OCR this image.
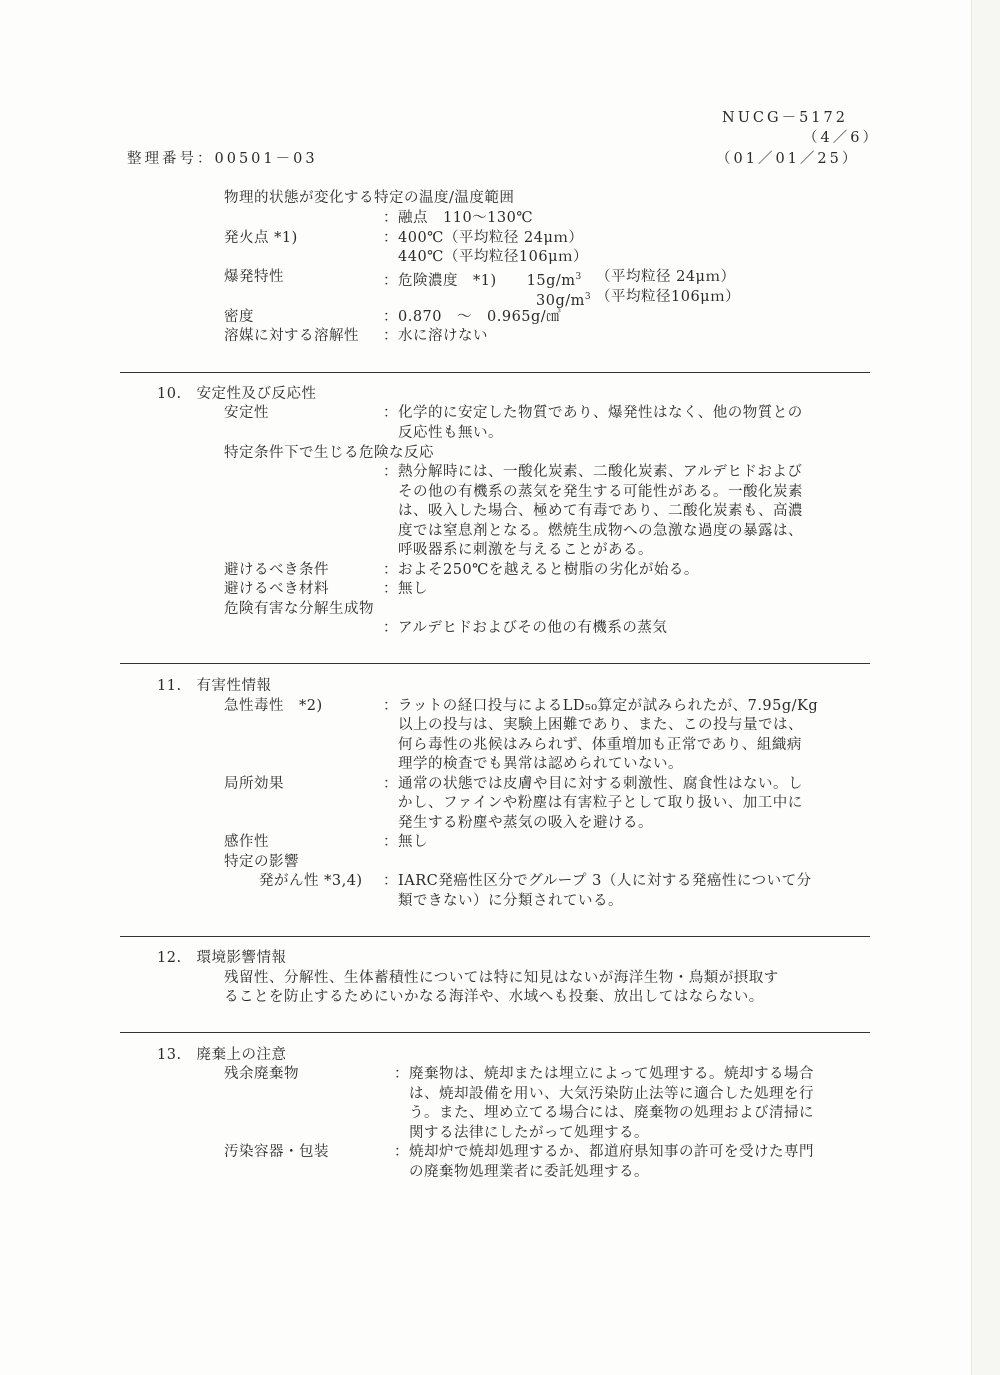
NUCG－5172
（4／6）
（01／01／25）
整理番号：00501－03
物理的状態が変化する特定の温度/温度範囲
：融点　110～130℃
発火点 *1)	：400℃（平均粒径 24μｍ）
440℃（平均粒径106μｍ）
爆発特性	：危険濃度　*1)　　$15g/m^3$ （平均粒径 24μｍ）
$30g/m^3$ （平均粒径106μｍ）
密度	：0.870　～　0.965g/㎤
溶媒に対する溶解性 ：水に溶けない
10.　安定性及び反応性
安定性	：化学的に安定した物質であり、爆発性はなく、他の物質との
反応性も無い。
特定条件下で生じる危険な反応
：熱分解時には、一酸化炭素、二酸化炭素、アルデヒドおよび
その他の有機系の蒸気を発生する可能性がある。一酸化炭素
は、吸入した場合、極めて有毒であり、二酸化炭素も、高濃
度では窒息剤となる。燃焼生成物への急激な過度の暴露は、
呼吸器系に刺激を与えることがある。
避けるべき条件	：およそ250℃を越えると樹脂の劣化が始る。
避けるべき材料	：無し
危険有害な分解生成物
：アルデヒドおよびその他の有機系の蒸気
11.　有害性情報
急性毒性　*2)	：ラットの経口投与によるLD₅₀算定が試みられたが、7.95g/Kg
以上の投与は、実験上困難であり、また、この投与量では、
何ら毒性の兆候はみられず、体重増加も正常であり、組織病
理学的検査でも異常は認められていない。
局所効果	：通常の状態では皮膚や目に対する刺激性、腐食性はない。し
かし、ファインや粉塵は有害粒子として取り扱い、加工中に
発生する粉塵や蒸気の吸入を避ける。
感作性	：無し
特定の影響
発がん性 *3,4) ：IARC発癌性区分でグループ 3（人に対する発癌性について分
類できない）に分類されている。
12.　環境影響情報
残留性、分解性、生体蓄積性については特に知見はないが海洋生物・鳥類が摂取す
ることを防止するためにいかなる海洋や、水域へも投棄、放出してはならない。
13.　廃棄上の注意
残余廃棄物	：廃棄物は、焼却または埋立によって処理する。焼却する場合
は、焼却設備を用い、大気汚染防止法等に適合した処理を行
う。また、埋め立てる場合には、廃棄物の処理および清掃に
関する法律にしたがって処理する。
汚染容器・包装	：焼却炉で焼却処理するか、都道府県知事の許可を受けた専門
の廃棄物処理業者に委託処理する。
